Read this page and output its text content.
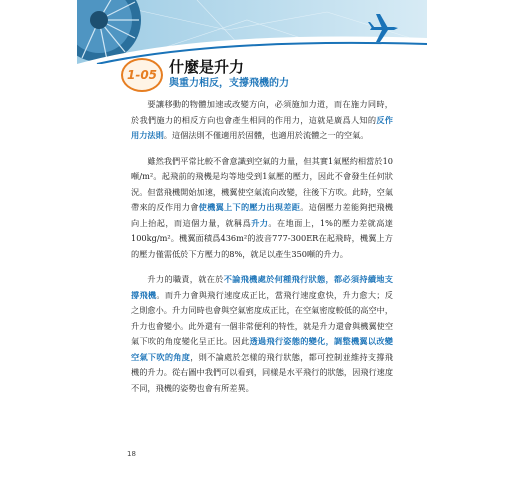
1-05 什麼是升力
與重力相反，支撐飛機的力

要讓移動的物體加速或改變方向，必須施加力道，而在施力同時，於我們施力的相反方向也會產生相同的作用力，這就是廣爲人知的反作用力法則。這個法則不僅適用於固體，也適用於流體之一的空氣。

雖然我們平常比較不會意識到空氣的力量，但其實1氣壓約相當於10噸/m²。起飛前的飛機是均等地受到1氣壓的壓力，因此不會發生任何狀況。但當飛機開始加速，機翼使空氣流向改變，往後下方吹。此時，空氣帶來的反作用力會使機翼上下的壓力出現差距。這個壓力差能夠把飛機向上抬起，而這個力量，就稱爲升力。在地面上，1%的壓力差就高達100kg/m²。機翼面積爲436m²的波音777-300ER在起飛時，機翼上方的壓力僅需低於下方壓力的8%，就足以產生350噸的升力。

升力的職責，就在於不論飛機處於何種飛行狀態，都必須持續地支撐飛機。而升力會與飛行速度成正比，當飛行速度愈快，升力愈大；反之則愈小。升力同時也會與空氣密度成正比，在空氣密度較低的高空中，升力也會變小。此外還有一個非常便利的特性，就是升力還會與機翼使空氣下吹的角度變化呈正比。因此透過飛行姿態的變化，調整機翼以改變空氣下吹的角度，則不論處於怎樣的飛行狀態，都可控制並維持支撐飛機的升力。從右圖中我們可以看到，同樣是水平飛行的狀態，因飛行速度不同，飛機的姿勢也會有所差異。

18
